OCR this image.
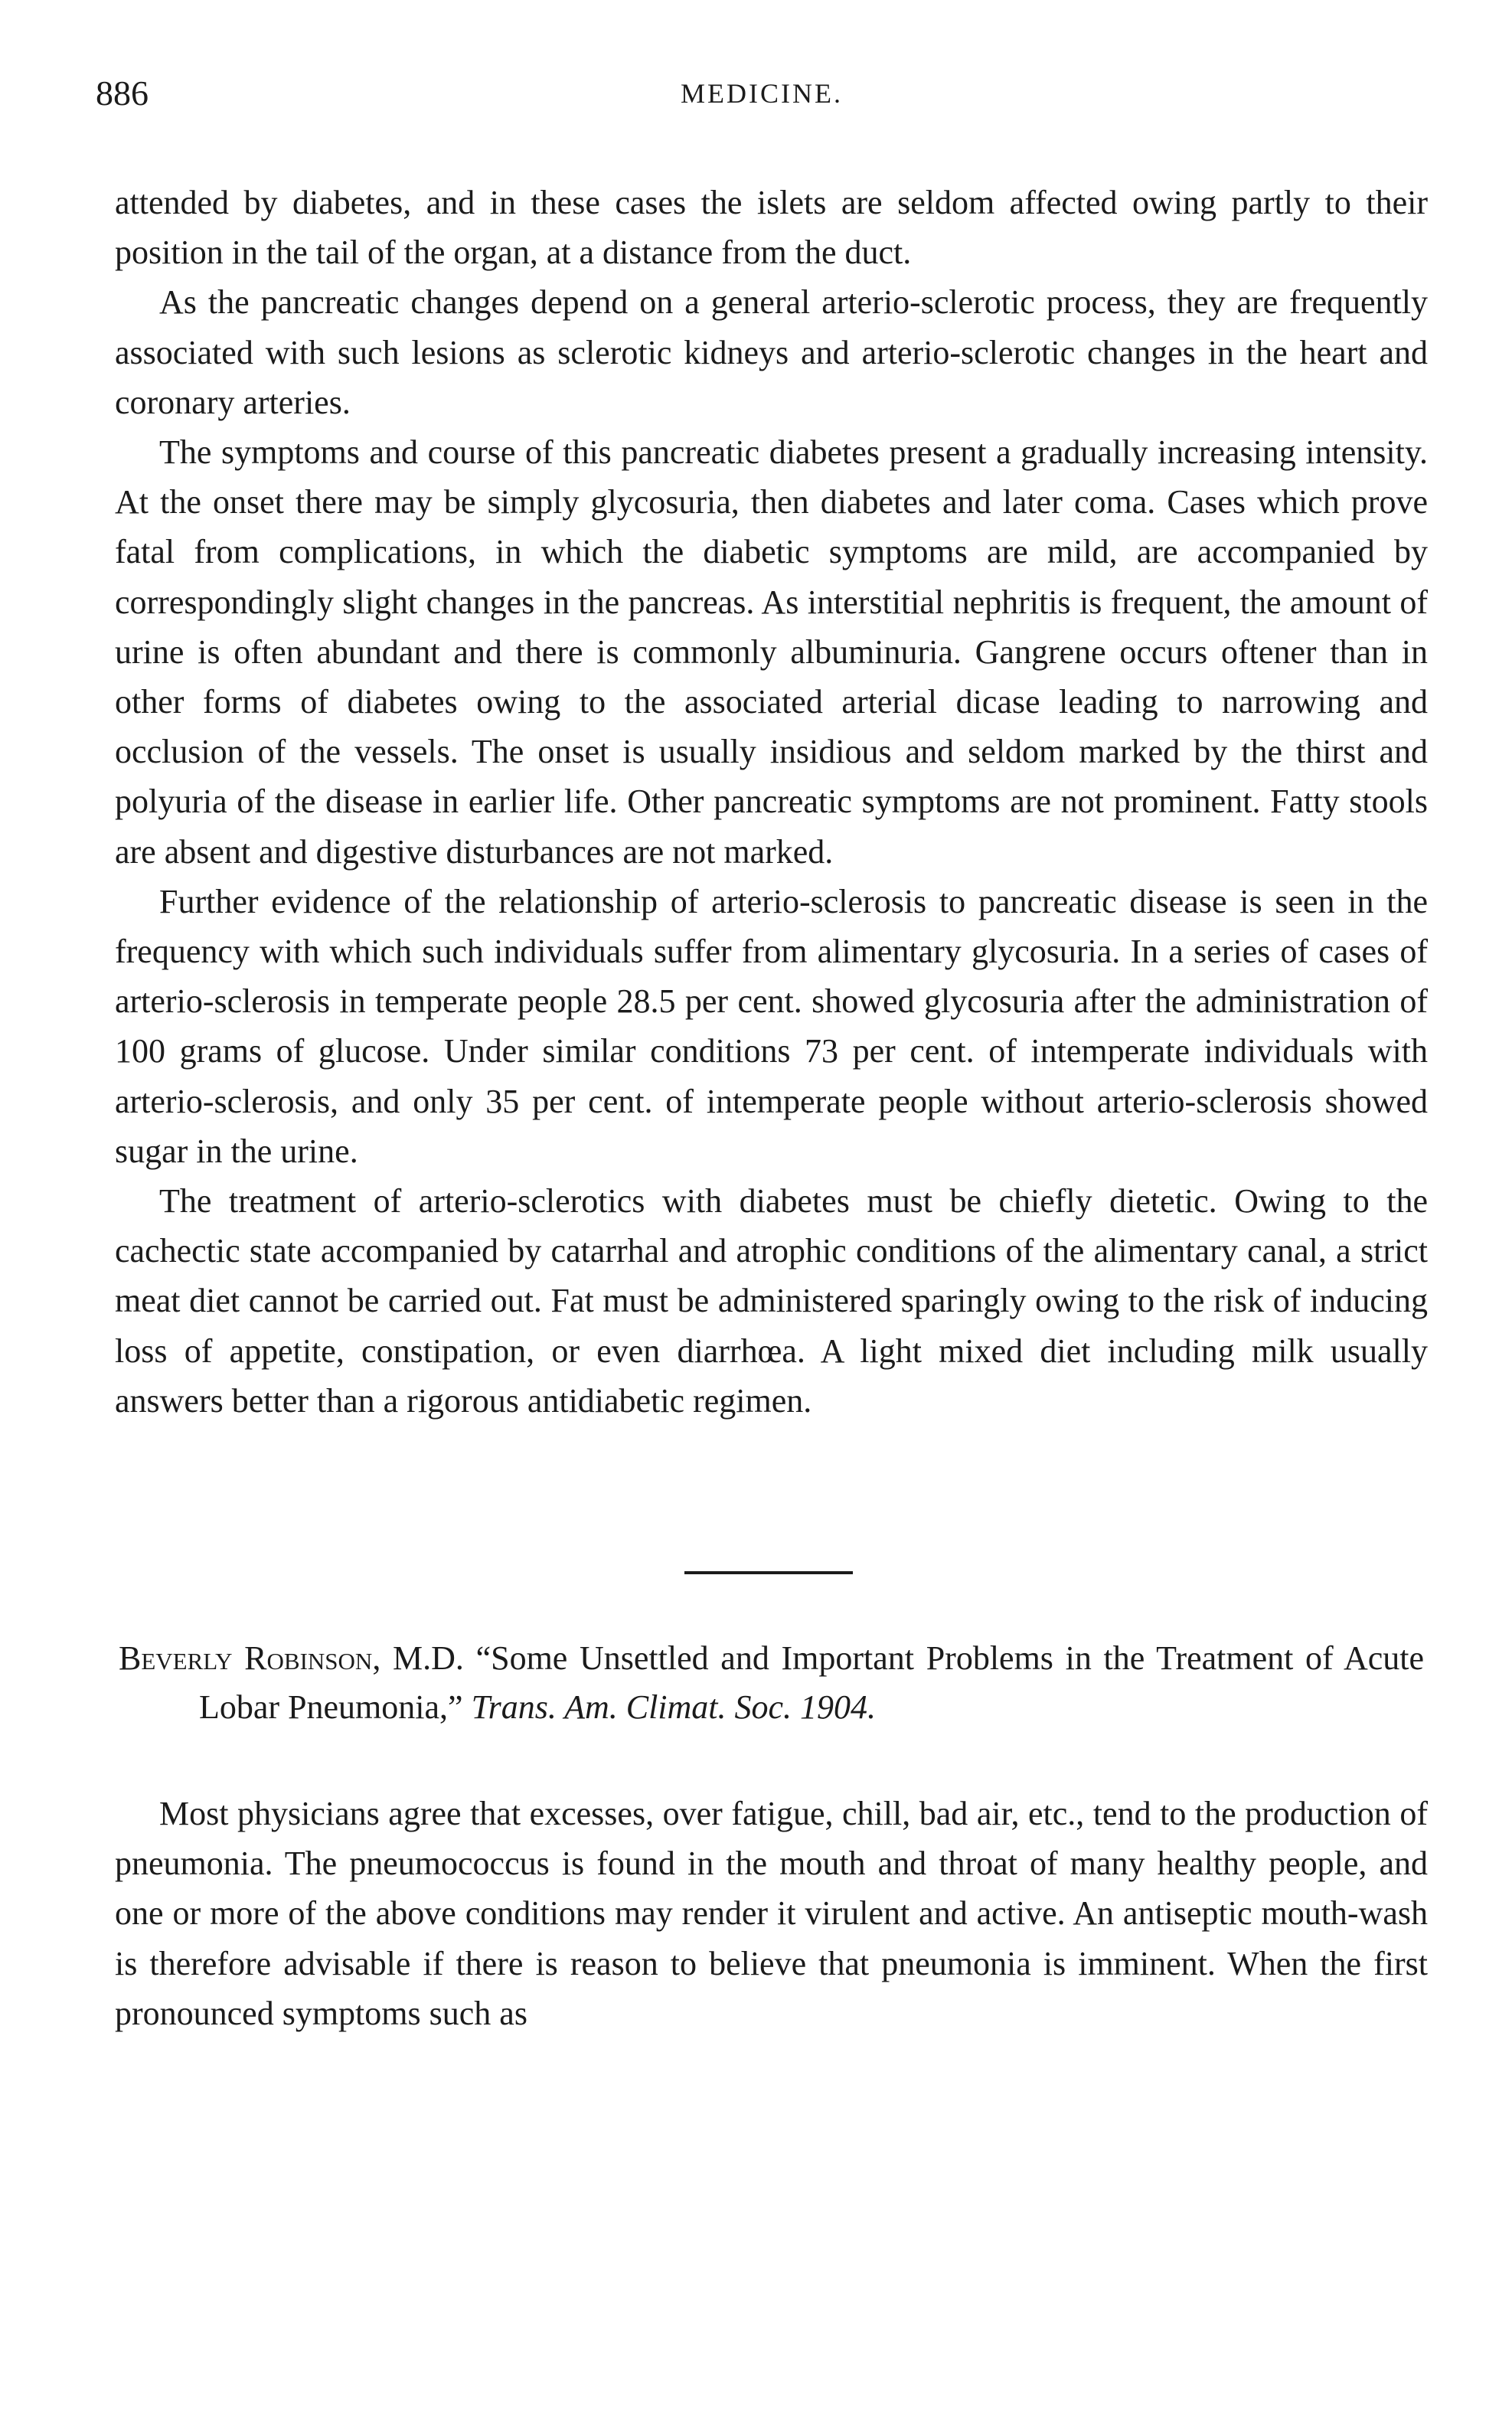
886	MEDICINE.

attended by diabetes, and in these cases the islets are seldom affected owing partly to their position in the tail of the organ, at a distance from the duct.

As the pancreatic changes depend on a general arterio-sclerotic process, they are frequently associated with such lesions as sclerotic kidneys and arterio-sclerotic changes in the heart and coronary arteries.

The symptoms and course of this pancreatic diabetes present a gradually increasing intensity. At the onset there may be simply glycosuria, then diabetes and later coma. Cases which prove fatal from complications, in which the diabetic symptoms are mild, are accompanied by correspondingly slight changes in the pancreas. As interstitial nephritis is frequent, the amount of urine is often abundant and there is commonly albuminuria. Gangrene occurs oftener than in other forms of diabetes owing to the associated arterial dicase leading to narrowing and occlusion of the vessels. The onset is usually insidious and seldom marked by the thirst and polyuria of the disease in earlier life. Other pancreatic symptoms are not prominent. Fatty stools are absent and digestive disturbances are not marked.

Further evidence of the relationship of arterio-sclerosis to pancreatic disease is seen in the frequency with which such individuals suffer from alimentary glycosuria. In a series of cases of arterio-sclerosis in temperate people 28.5 per cent. showed glycosuria after the administration of 100 grams of glucose. Under similar conditions 73 per cent. of intemperate individuals with arterio-sclerosis, and only 35 per cent. of intemperate people without arterio-sclerosis showed sugar in the urine.

The treatment of arterio-sclerotics with diabetes must be chiefly dietetic. Owing to the cachectic state accompanied by catarrhal and atrophic conditions of the alimentary canal, a strict meat diet cannot be carried out. Fat must be administered sparingly owing to the risk of inducing loss of appetite, constipation, or even diarrhœa. A light mixed diet including milk usually answers better than a rigorous antidiabetic regimen.

Beverly Robinson, M.D. “Some Unsettled and Important Problems in the Treatment of Acute Lobar Pneumonia,” Trans. Am. Climat. Soc. 1904.

Most physicians agree that excesses, over fatigue, chill, bad air, etc., tend to the production of pneumonia. The pneumococcus is found in the mouth and throat of many healthy people, and one or more of the above conditions may render it virulent and active. An antiseptic mouth-wash is therefore advisable if there is reason to believe that pneumonia is imminent. When the first pronounced symptoms such as
